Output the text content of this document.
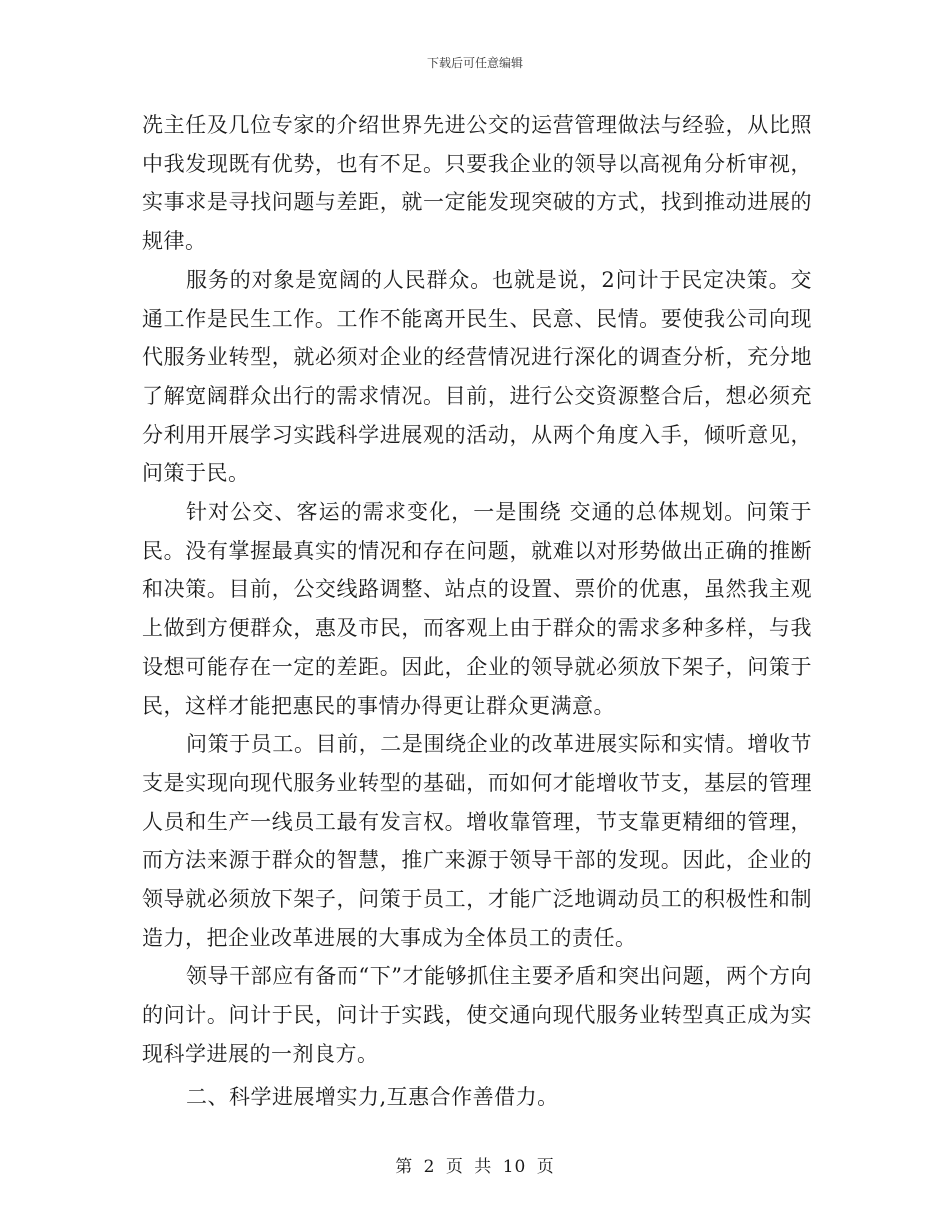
下载后可任意编辑

冼主任及几位专家的介绍世界先进公交的运营管理做法与经验，从比照中我发现既有优势，也有不足。只要我企业的领导以高视角分析审视，实事求是寻找问题与差距，就一定能发现突破的方式，找到推动进展的规律。

服务的对象是宽阔的人民群众。也就是说，2问计于民定决策。交通工作是民生工作。工作不能离开民生、民意、民情。要使我公司向现代服务业转型，就必须对企业的经营情况进行深化的调查分析，充分地了解宽阔群众出行的需求情况。目前，进行公交资源整合后，想必须充分利用开展学习实践科学进展观的活动，从两个角度入手，倾听意见，问策于民。

针对公交、客运的需求变化，一是围绕 交通的总体规划。问策于民。没有掌握最真实的情况和存在问题，就难以对形势做出正确的推断和决策。目前，公交线路调整、站点的设置、票价的优惠，虽然我主观上做到方便群众，惠及市民，而客观上由于群众的需求多种多样，与我设想可能存在一定的差距。因此，企业的领导就必须放下架子，问策于民，这样才能把惠民的事情办得更让群众更满意。

问策于员工。目前，二是围绕企业的改革进展实际和实情。增收节支是实现向现代服务业转型的基础，而如何才能增收节支，基层的管理人员和生产一线员工最有发言权。增收靠管理，节支靠更精细的管理，而方法来源于群众的智慧，推广来源于领导干部的发现。因此，企业的领导就必须放下架子，问策于员工，才能广泛地调动员工的积极性和制造力，把企业改革进展的大事成为全体员工的责任。

领导干部应有备而“下”才能够抓住主要矛盾和突出问题，两个方向的问计。问计于民，问计于实践，使交通向现代服务业转型真正成为实现科学进展的一剂良方。

二、科学进展增实力,互惠合作善借力。

第 2 页 共 10 页
